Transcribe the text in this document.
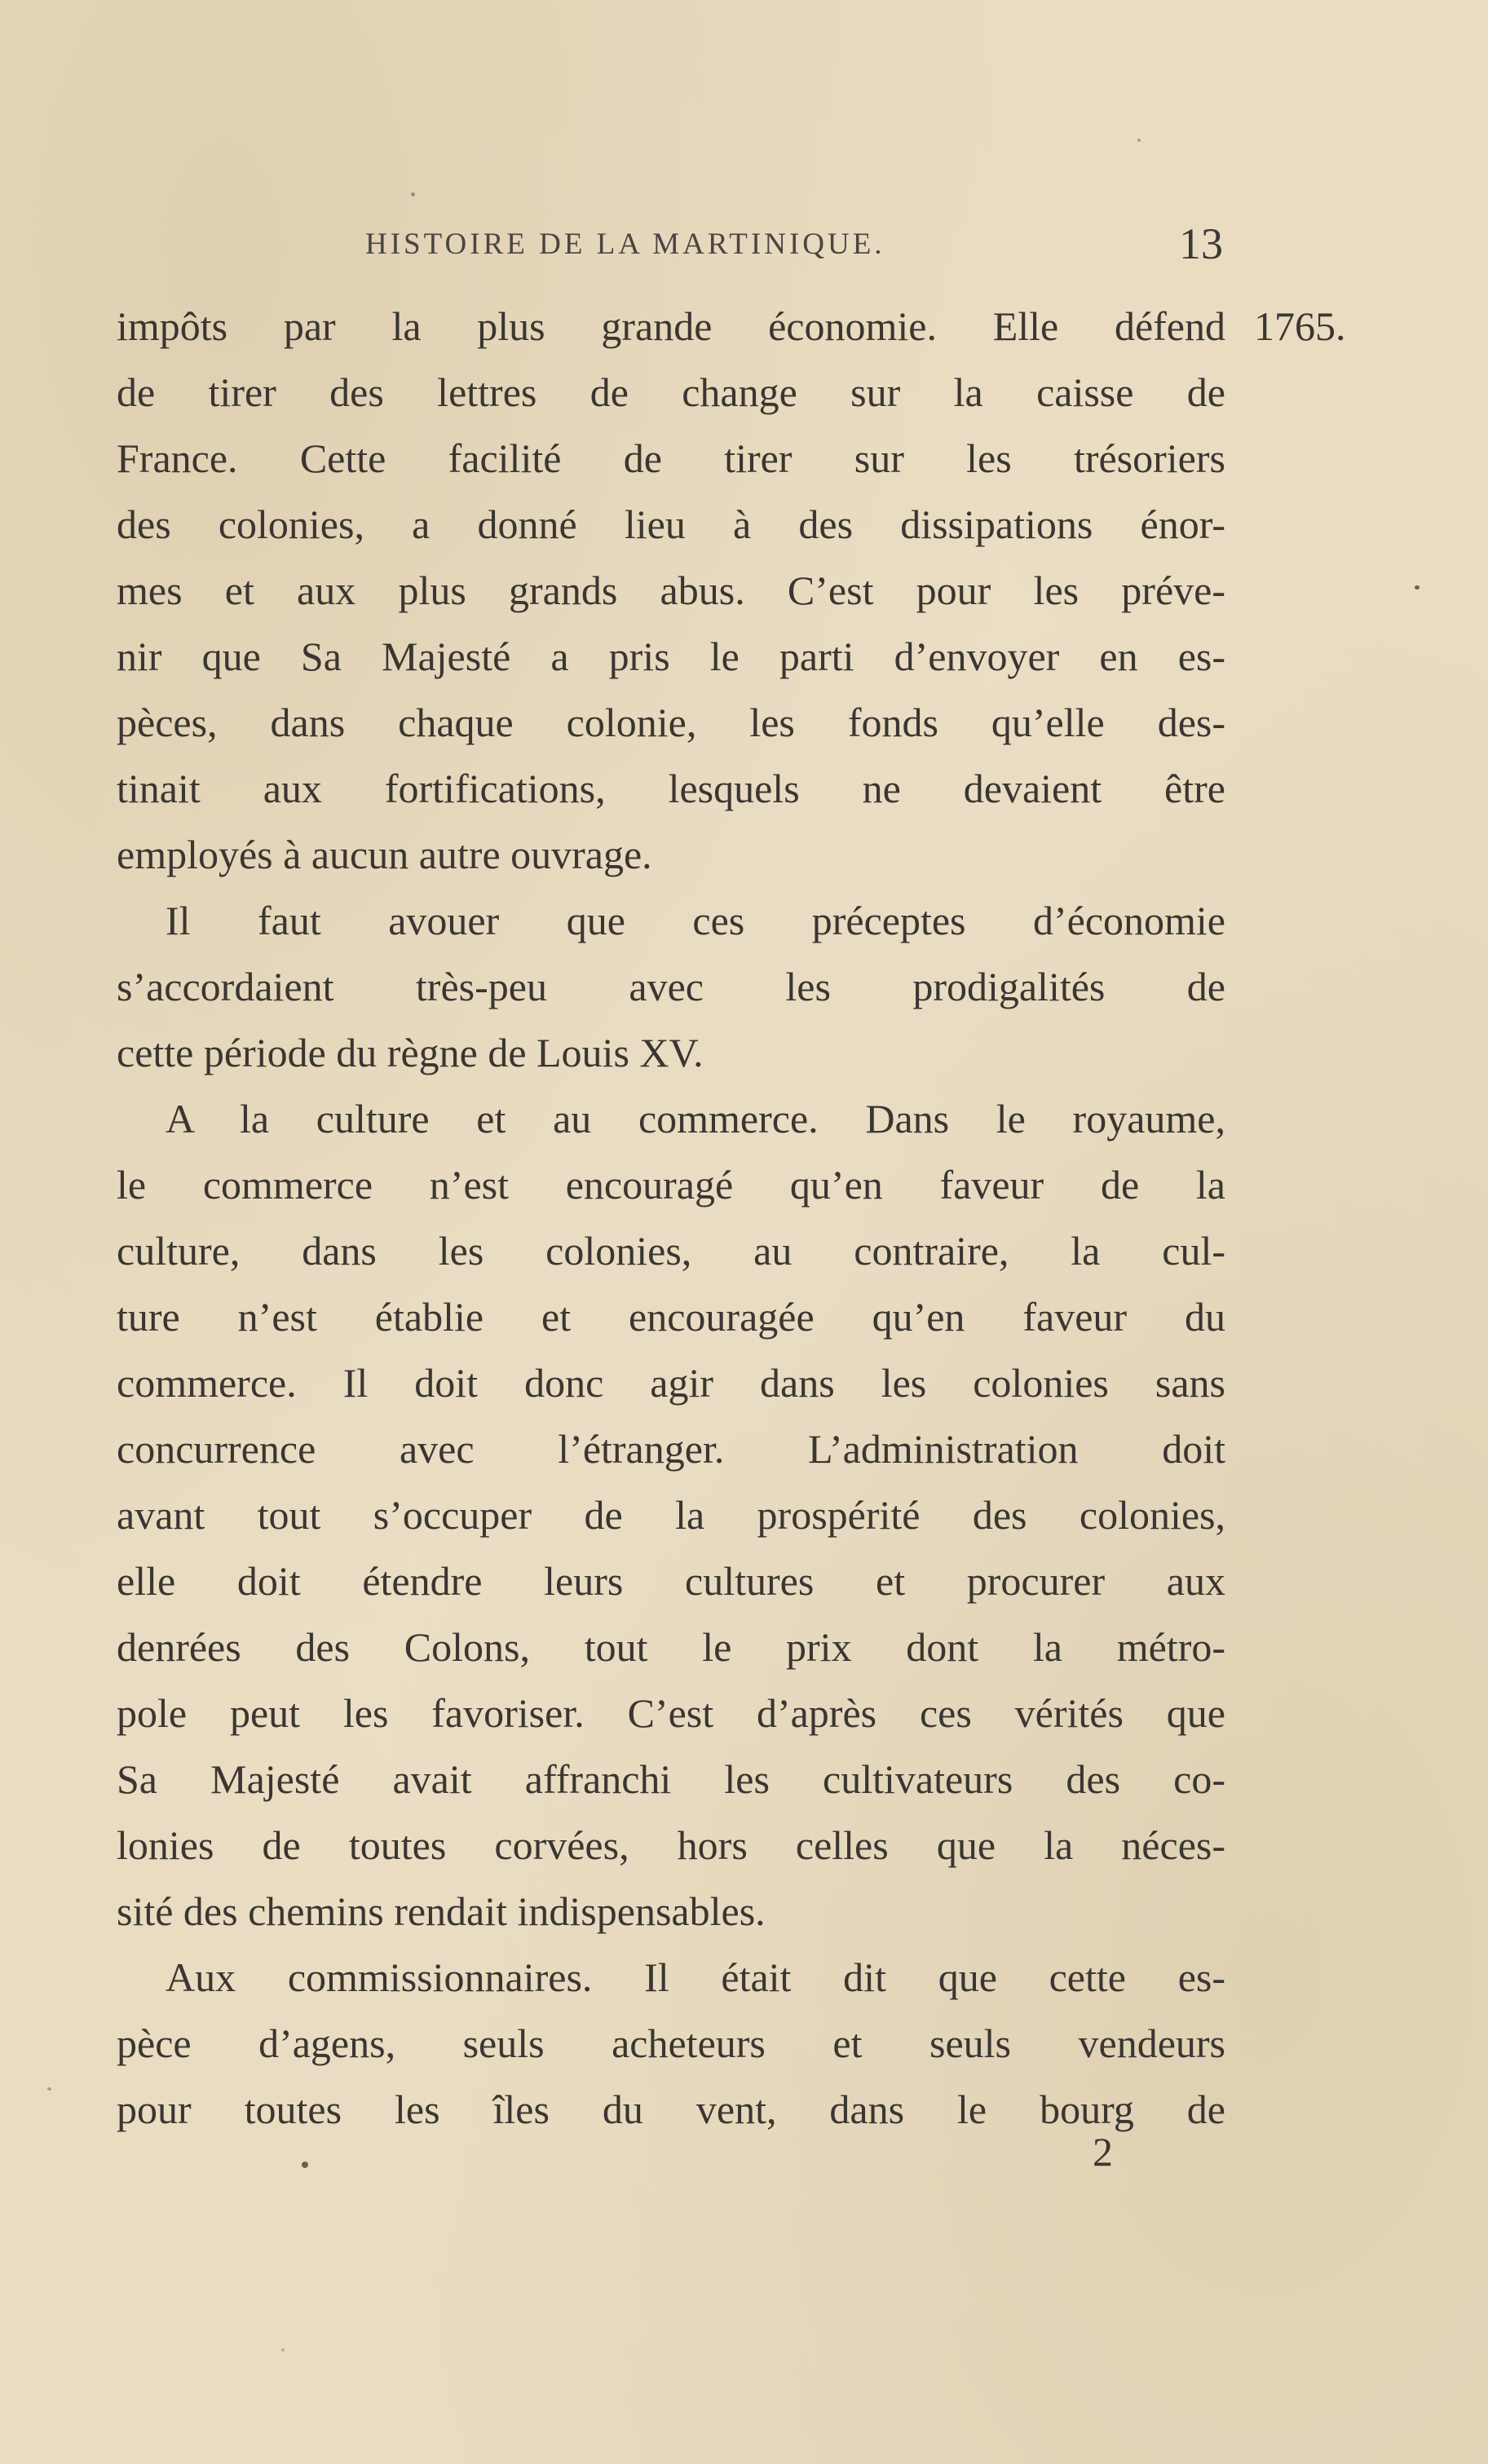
HISTOIRE DE LA MARTINIQUE.	13
1765.
impôts par la plus grande économie. Elle défend
de tirer des lettres de change sur la caisse de
France. Cette facilité de tirer sur les trésoriers
des colonies, a donné lieu à des dissipations énor-
mes et aux plus grands abus. C’est pour les préve-
nir que Sa Majesté a pris le parti d’envoyer en es-
pèces, dans chaque colonie, les fonds qu’elle des-
tinait aux fortifications, lesquels ne devaient être
employés à aucun autre ouvrage.
Il faut avouer que ces préceptes d’économie
s’accordaient très-peu avec les prodigalités de
cette période du règne de Louis XV.
A la culture et au commerce. Dans le royaume,
le commerce n’est encouragé qu’en faveur de la
culture, dans les colonies, au contraire, la cul-
ture n’est établie et encouragée qu’en faveur du
commerce. Il doit donc agir dans les colonies sans
concurrence avec l’étranger. L’administration doit
avant tout s’occuper de la prospérité des colonies,
elle doit étendre leurs cultures et procurer aux
denrées des Colons, tout le prix dont la métro-
pole peut les favoriser. C’est d’après ces vérités que
Sa Majesté avait affranchi les cultivateurs des co-
lonies de toutes corvées, hors celles que la néces-
sité des chemins rendait indispensables.
Aux commissionnaires. Il était dit que cette es-
pèce d’agens, seuls acheteurs et seuls vendeurs
pour toutes les îles du vent, dans le bourg de
2
